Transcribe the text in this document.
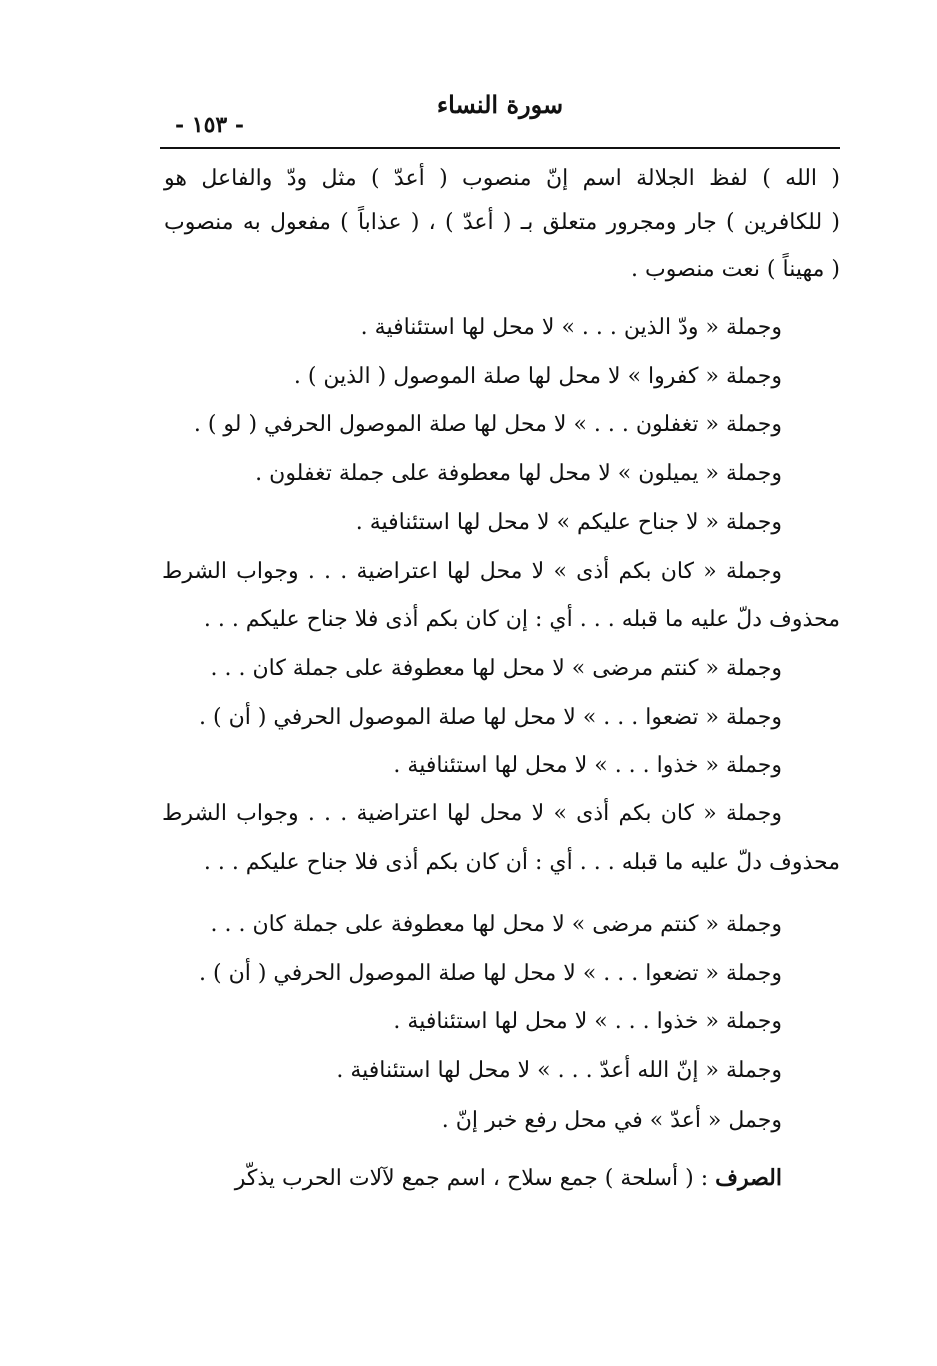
سورة النساء
- ١٥٣ -
( الله ) لفظ الجلالة اسم إنّ منصوب ( أعدّ ) مثل ودّ والفاعل هو
( للكافرين ) جار ومجرور متعلق بـ ( أعدّ ) ، ( عذاباً ) مفعول به منصوب
( مهيناً ) نعت منصوب .
وجملة « ودّ الذين . . . » لا محل لها استئنافية .
وجملة « كفروا » لا محل لها صلة الموصول ( الذين ) .
وجملة « تغفلون . . . » لا محل لها صلة الموصول الحرفي ( لو ) .
وجملة « يميلون » لا محل لها معطوفة على جملة تغفلون .
وجملة « لا جناح عليكم » لا محل لها استئنافية .
وجملة « كان بكم أذى » لا محل لها اعتراضية . . . وجواب الشرط
محذوف دلّ عليه ما قبله . . . أي : إن كان بكم أذى فلا جناح عليكم . . .
وجملة « كنتم مرضى » لا محل لها معطوفة على جملة كان . . .
وجملة « تضعوا . . . » لا محل لها صلة الموصول الحرفي ( أن ) .
وجملة « خذوا . . . » لا محل لها استئنافية .
وجملة « كان بكم أذى » لا محل لها اعتراضية . . . وجواب الشرط
محذوف دلّ عليه ما قبله . . . أي : أن كان بكم أذى فلا جناح عليكم . . .
وجملة « كنتم مرضى » لا محل لها معطوفة على جملة كان . . .
وجملة « تضعوا . . . » لا محل لها صلة الموصول الحرفي ( أن ) .
وجملة « خذوا . . . » لا محل لها استئنافية .
وجملة « إنّ الله أعدّ . . . » لا محل لها استئنافية .
وجمل « أعدّ » في محل رفع خبر إنّ .
الصرف : ( أسلحة ) جمع سلاح ، اسم جمع لآلات الحرب يذكّر
